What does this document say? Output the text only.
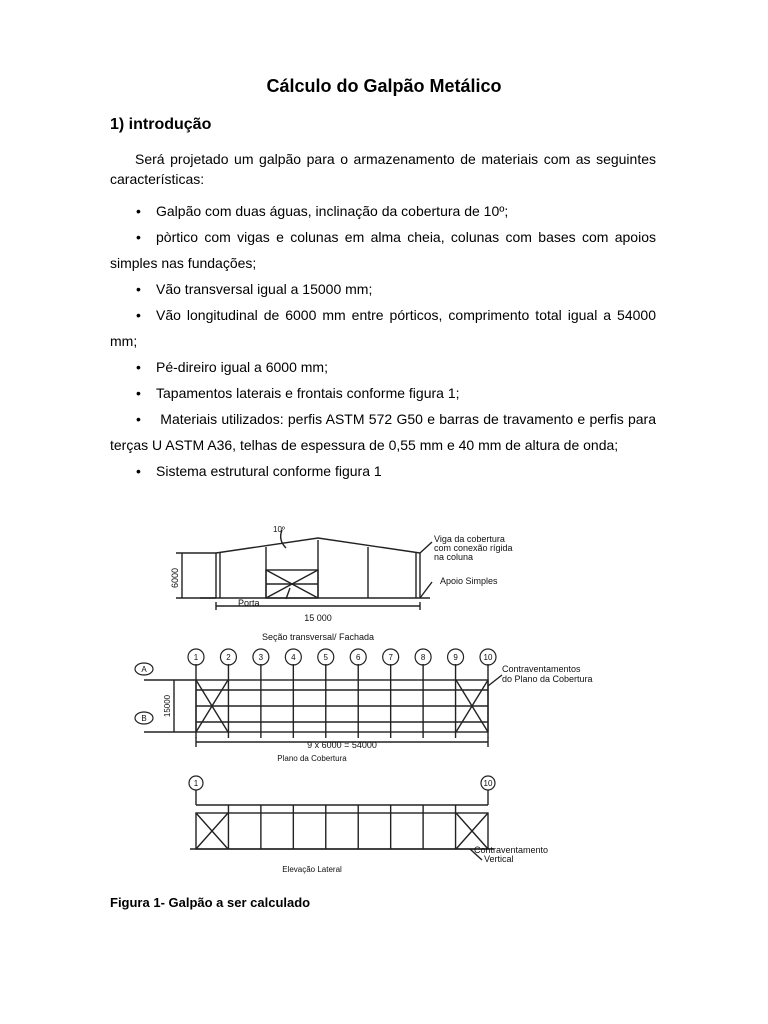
Cálculo do Galpão Metálico
1) introdução
Será projetado um galpão para o armazenamento de materiais com as seguintes características:
• Galpão com duas águas, inclinação da cobertura de 10º;
• pòrtico com vigas e colunas em alma cheia, colunas com bases com apoios simples nas fundações;
• Vão transversal igual a 15000 mm;
• Vão longitudinal de 6000 mm entre pórticos, comprimento total igual a 54000 mm;
• Pé-direiro igual a 6000 mm;
• Tapamentos laterais e frontais conforme figura 1;
• Materiais utilizados: perfis ASTM 572 G50 e barras de travamento e perfis para terças U ASTM A36, telhas de espessura de 0,55 mm e 40 mm de altura de onda;
• Sistema estrutural conforme figura 1
1	2	3	4	5	6	7	8	9	10
6000
10º
Viga da cobertura
com conexão rígida
na coluna
Apoio Simples
Porta
15 000
Seção transversal/ Fachada
A
B
15000
Contraventamentos
do Plano da Cobertura
9 x 6000 = 54000
Plano da Cobertura
1	10
Contraventamento
Vertical
Elevação Lateral
Figura 1- Galpão a ser calculado
